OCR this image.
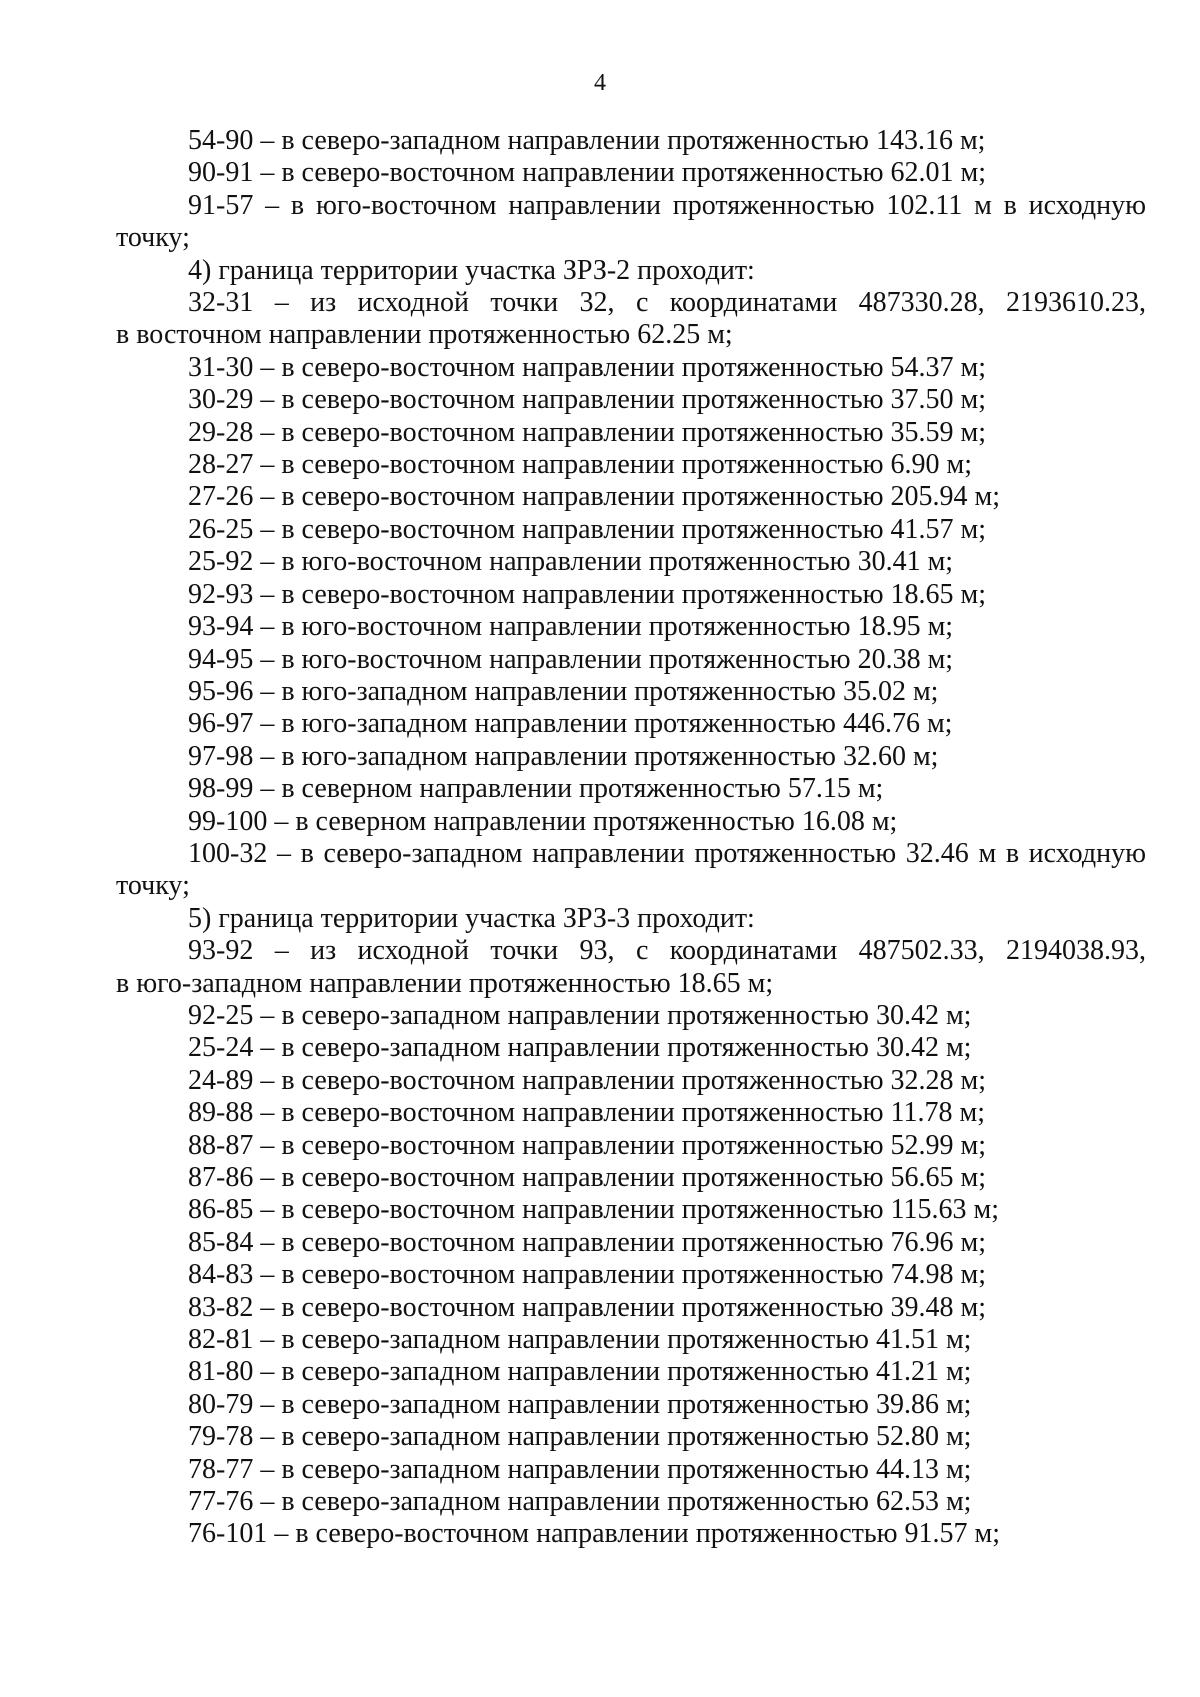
4
54-90 – в северо-западном направлении протяженностью 143.16 м;
90-91 – в северо-восточном направлении протяженностью 62.01 м;
91-57 – в юго-восточном направлении протяженностью 102.11 м в исходную
точку;
4) граница территории участка ЗРЗ-2 проходит:
32-31 – из исходной точки 32, с координатами 487330.28, 2193610.23,
в восточном направлении протяженностью 62.25 м;
31-30 – в северо-восточном направлении протяженностью 54.37 м;
30-29 – в северо-восточном направлении протяженностью 37.50 м;
29-28 – в северо-восточном направлении протяженностью 35.59 м;
28-27 – в северо-восточном направлении протяженностью 6.90 м;
27-26 – в северо-восточном направлении протяженностью 205.94 м;
26-25 – в северо-восточном направлении протяженностью 41.57 м;
25-92 – в юго-восточном направлении протяженностью 30.41 м;
92-93 – в северо-восточном направлении протяженностью 18.65 м;
93-94 – в юго-восточном направлении протяженностью 18.95 м;
94-95 – в юго-восточном направлении протяженностью 20.38 м;
95-96 – в юго-западном направлении протяженностью 35.02 м;
96-97 – в юго-западном направлении протяженностью 446.76 м;
97-98 – в юго-западном направлении протяженностью 32.60 м;
98-99 – в северном направлении протяженностью 57.15 м;
99-100 – в северном направлении протяженностью 16.08 м;
100-32 – в северо-западном направлении протяженностью 32.46 м в исходную
точку;
5) граница территории участка ЗРЗ-3 проходит:
93-92 – из исходной точки 93, с координатами 487502.33, 2194038.93,
в юго-западном направлении протяженностью 18.65 м;
92-25 – в северо-западном направлении протяженностью 30.42 м;
25-24 – в северо-западном направлении протяженностью 30.42 м;
24-89 – в северо-восточном направлении протяженностью 32.28 м;
89-88 – в северо-восточном направлении протяженностью 11.78 м;
88-87 – в северо-восточном направлении протяженностью 52.99 м;
87-86 – в северо-восточном направлении протяженностью 56.65 м;
86-85 – в северо-восточном направлении протяженностью 115.63 м;
85-84 – в северо-восточном направлении протяженностью 76.96 м;
84-83 – в северо-восточном направлении протяженностью 74.98 м;
83-82 – в северо-восточном направлении протяженностью 39.48 м;
82-81 – в северо-западном направлении протяженностью 41.51 м;
81-80 – в северо-западном направлении протяженностью 41.21 м;
80-79 – в северо-западном направлении протяженностью 39.86 м;
79-78 – в северо-западном направлении протяженностью 52.80 м;
78-77 – в северо-западном направлении протяженностью 44.13 м;
77-76 – в северо-западном направлении протяженностью 62.53 м;
76-101 – в северо-восточном направлении протяженностью 91.57 м;
